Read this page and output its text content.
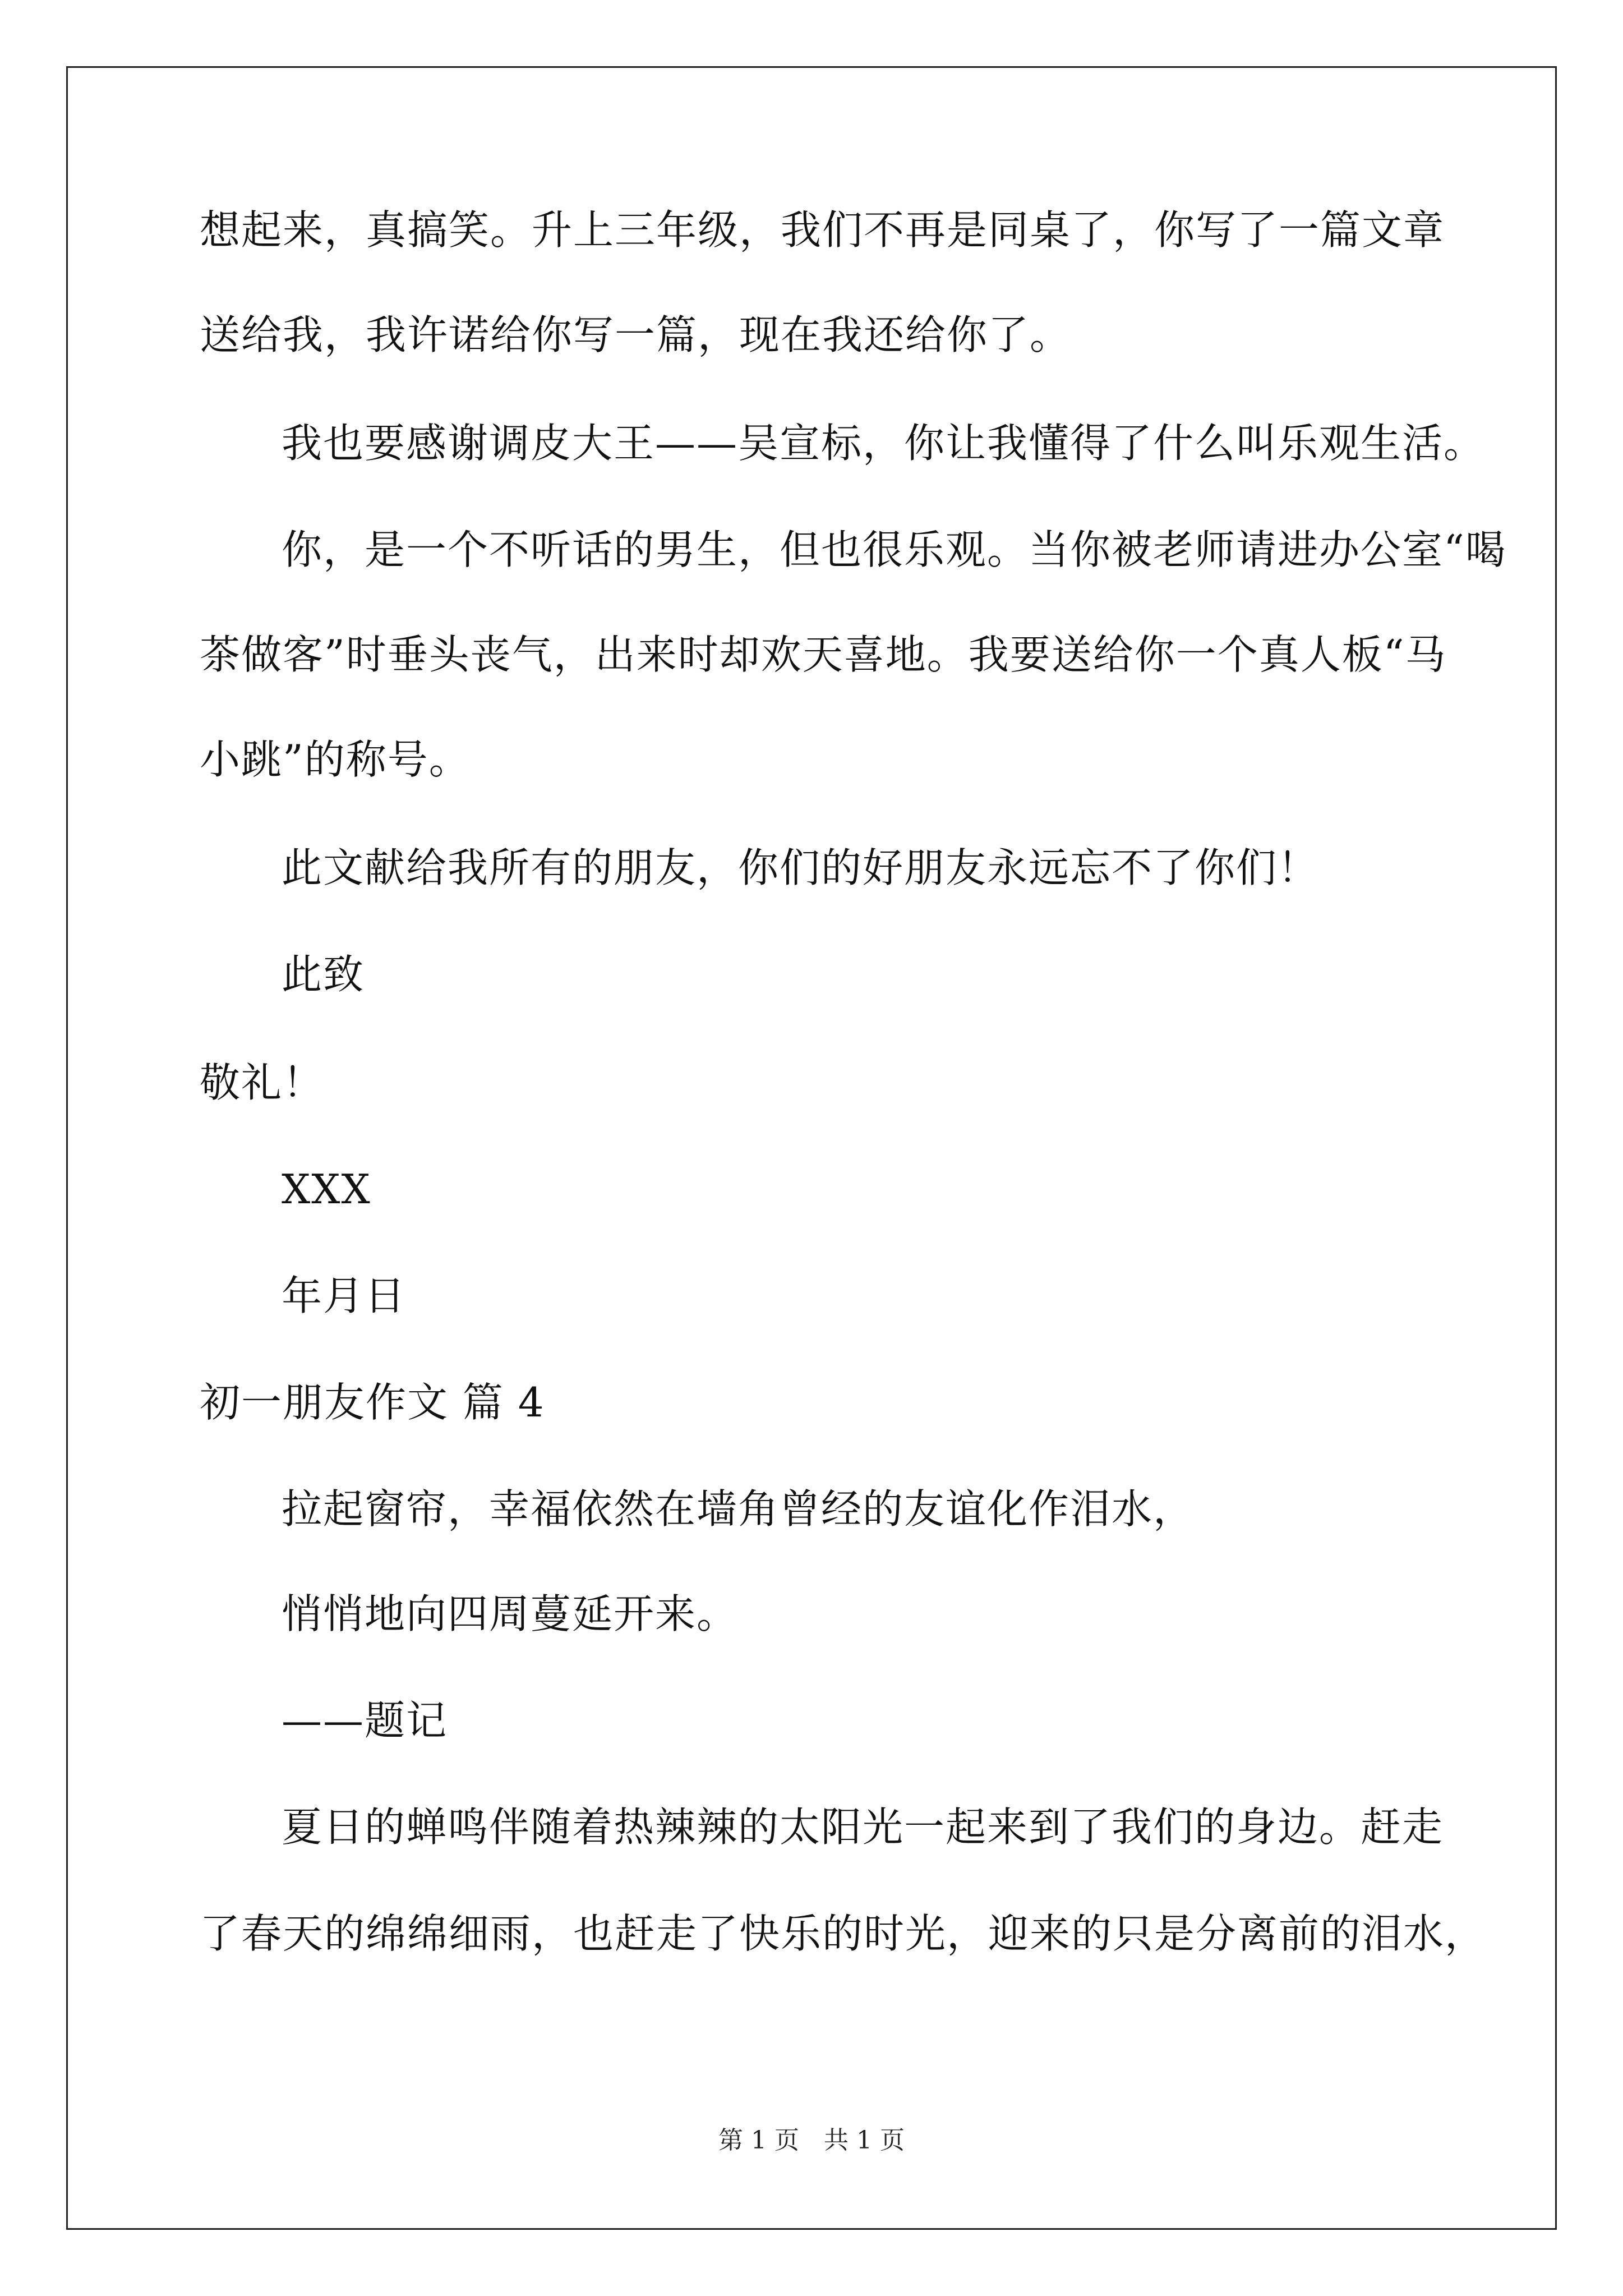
想起来，真搞笑。升上三年级，我们不再是同桌了，你写了一篇文章
送给我，我许诺给你写一篇，现在我还给你了。
我也要感谢调皮大王——吴宣标，你让我懂得了什么叫乐观生活。
你，是一个不听话的男生，但也很乐观。当你被老师请进办公室“喝
茶做客”时垂头丧气，出来时却欢天喜地。我要送给你一个真人板“马
小跳”的称号。
此文献给我所有的朋友，你们的好朋友永远忘不了你们！
此致
敬礼！
XXX
年月日
初一朋友作文 篇 4
拉起窗帘，幸福依然在墙角曾经的友谊化作泪水，
悄悄地向四周蔓延开来。
——题记
夏日的蝉鸣伴随着热辣辣的太阳光一起来到了我们的身边。赶走
了春天的绵绵细雨，也赶走了快乐的时光，迎来的只是分离前的泪水，
第 1 页　共 1 页
